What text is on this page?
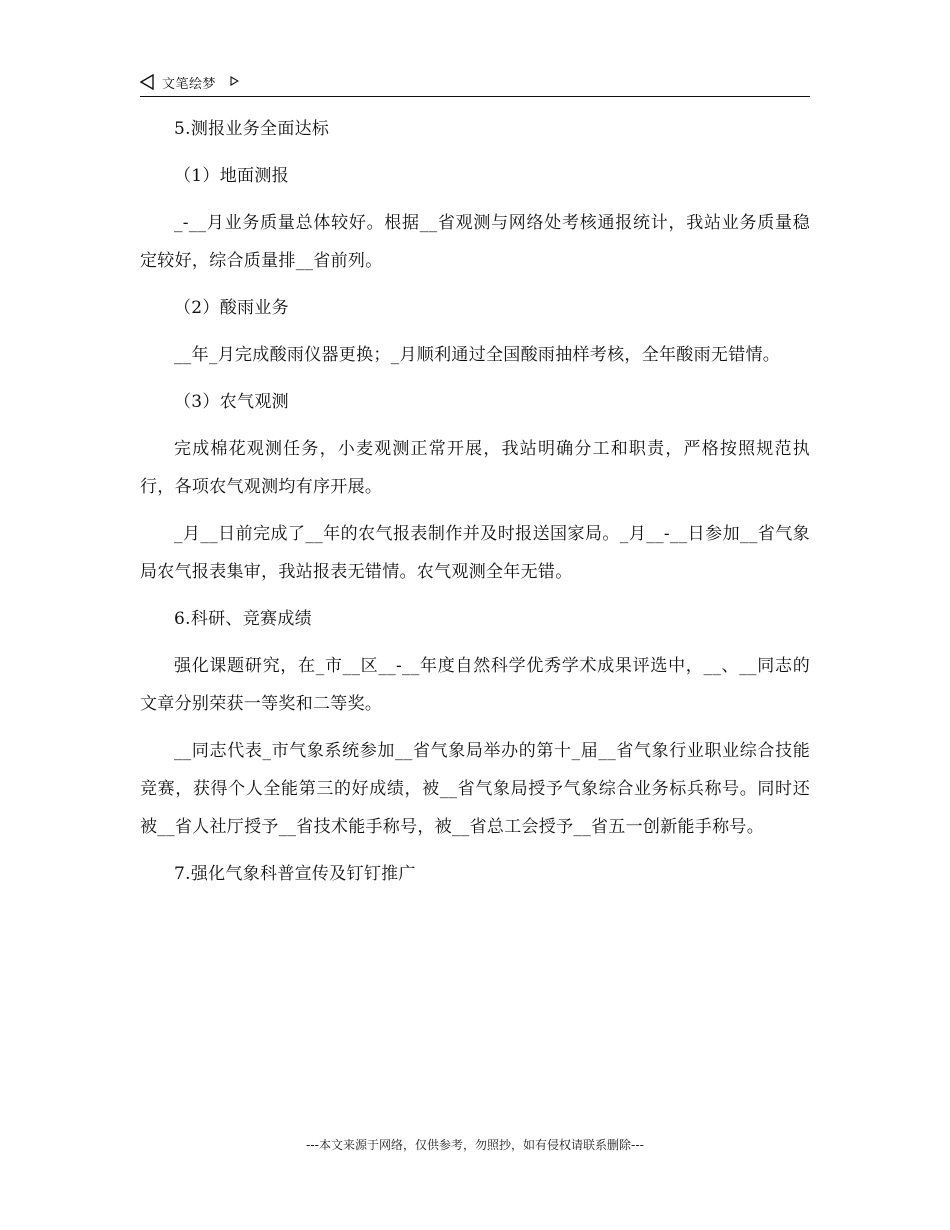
文笔绘梦

5.测报业务全面达标

（1）地面测报

_-__月业务质量总体较好。根据__省观测与网络处考核通报统计，我站业务质量稳定较好，综合质量排__省前列。

（2）酸雨业务

__年_月完成酸雨仪器更换；_月顺利通过全国酸雨抽样考核，全年酸雨无错情。

（3）农气观测

完成棉花观测任务，小麦观测正常开展，我站明确分工和职责，严格按照规范执行，各项农气观测均有序开展。

_月__日前完成了__年的农气报表制作并及时报送国家局。_月__-__日参加__省气象局农气报表集审，我站报表无错情。农气观测全年无错。

6.科研、竞赛成绩

强化课题研究，在_市__区__-__年度自然科学优秀学术成果评选中，__、__同志的文章分别荣获一等奖和二等奖。

__同志代表_市气象系统参加__省气象局举办的第十_届__省气象行业职业综合技能竞赛，获得个人全能第三的好成绩，被__省气象局授予气象综合业务标兵称号。同时还被__省人社厅授予__省技术能手称号，被__省总工会授予__省五一创新能手称号。

7.强化气象科普宣传及钉钉推广

---本文来源于网络，仅供参考，勿照抄，如有侵权请联系删除---
